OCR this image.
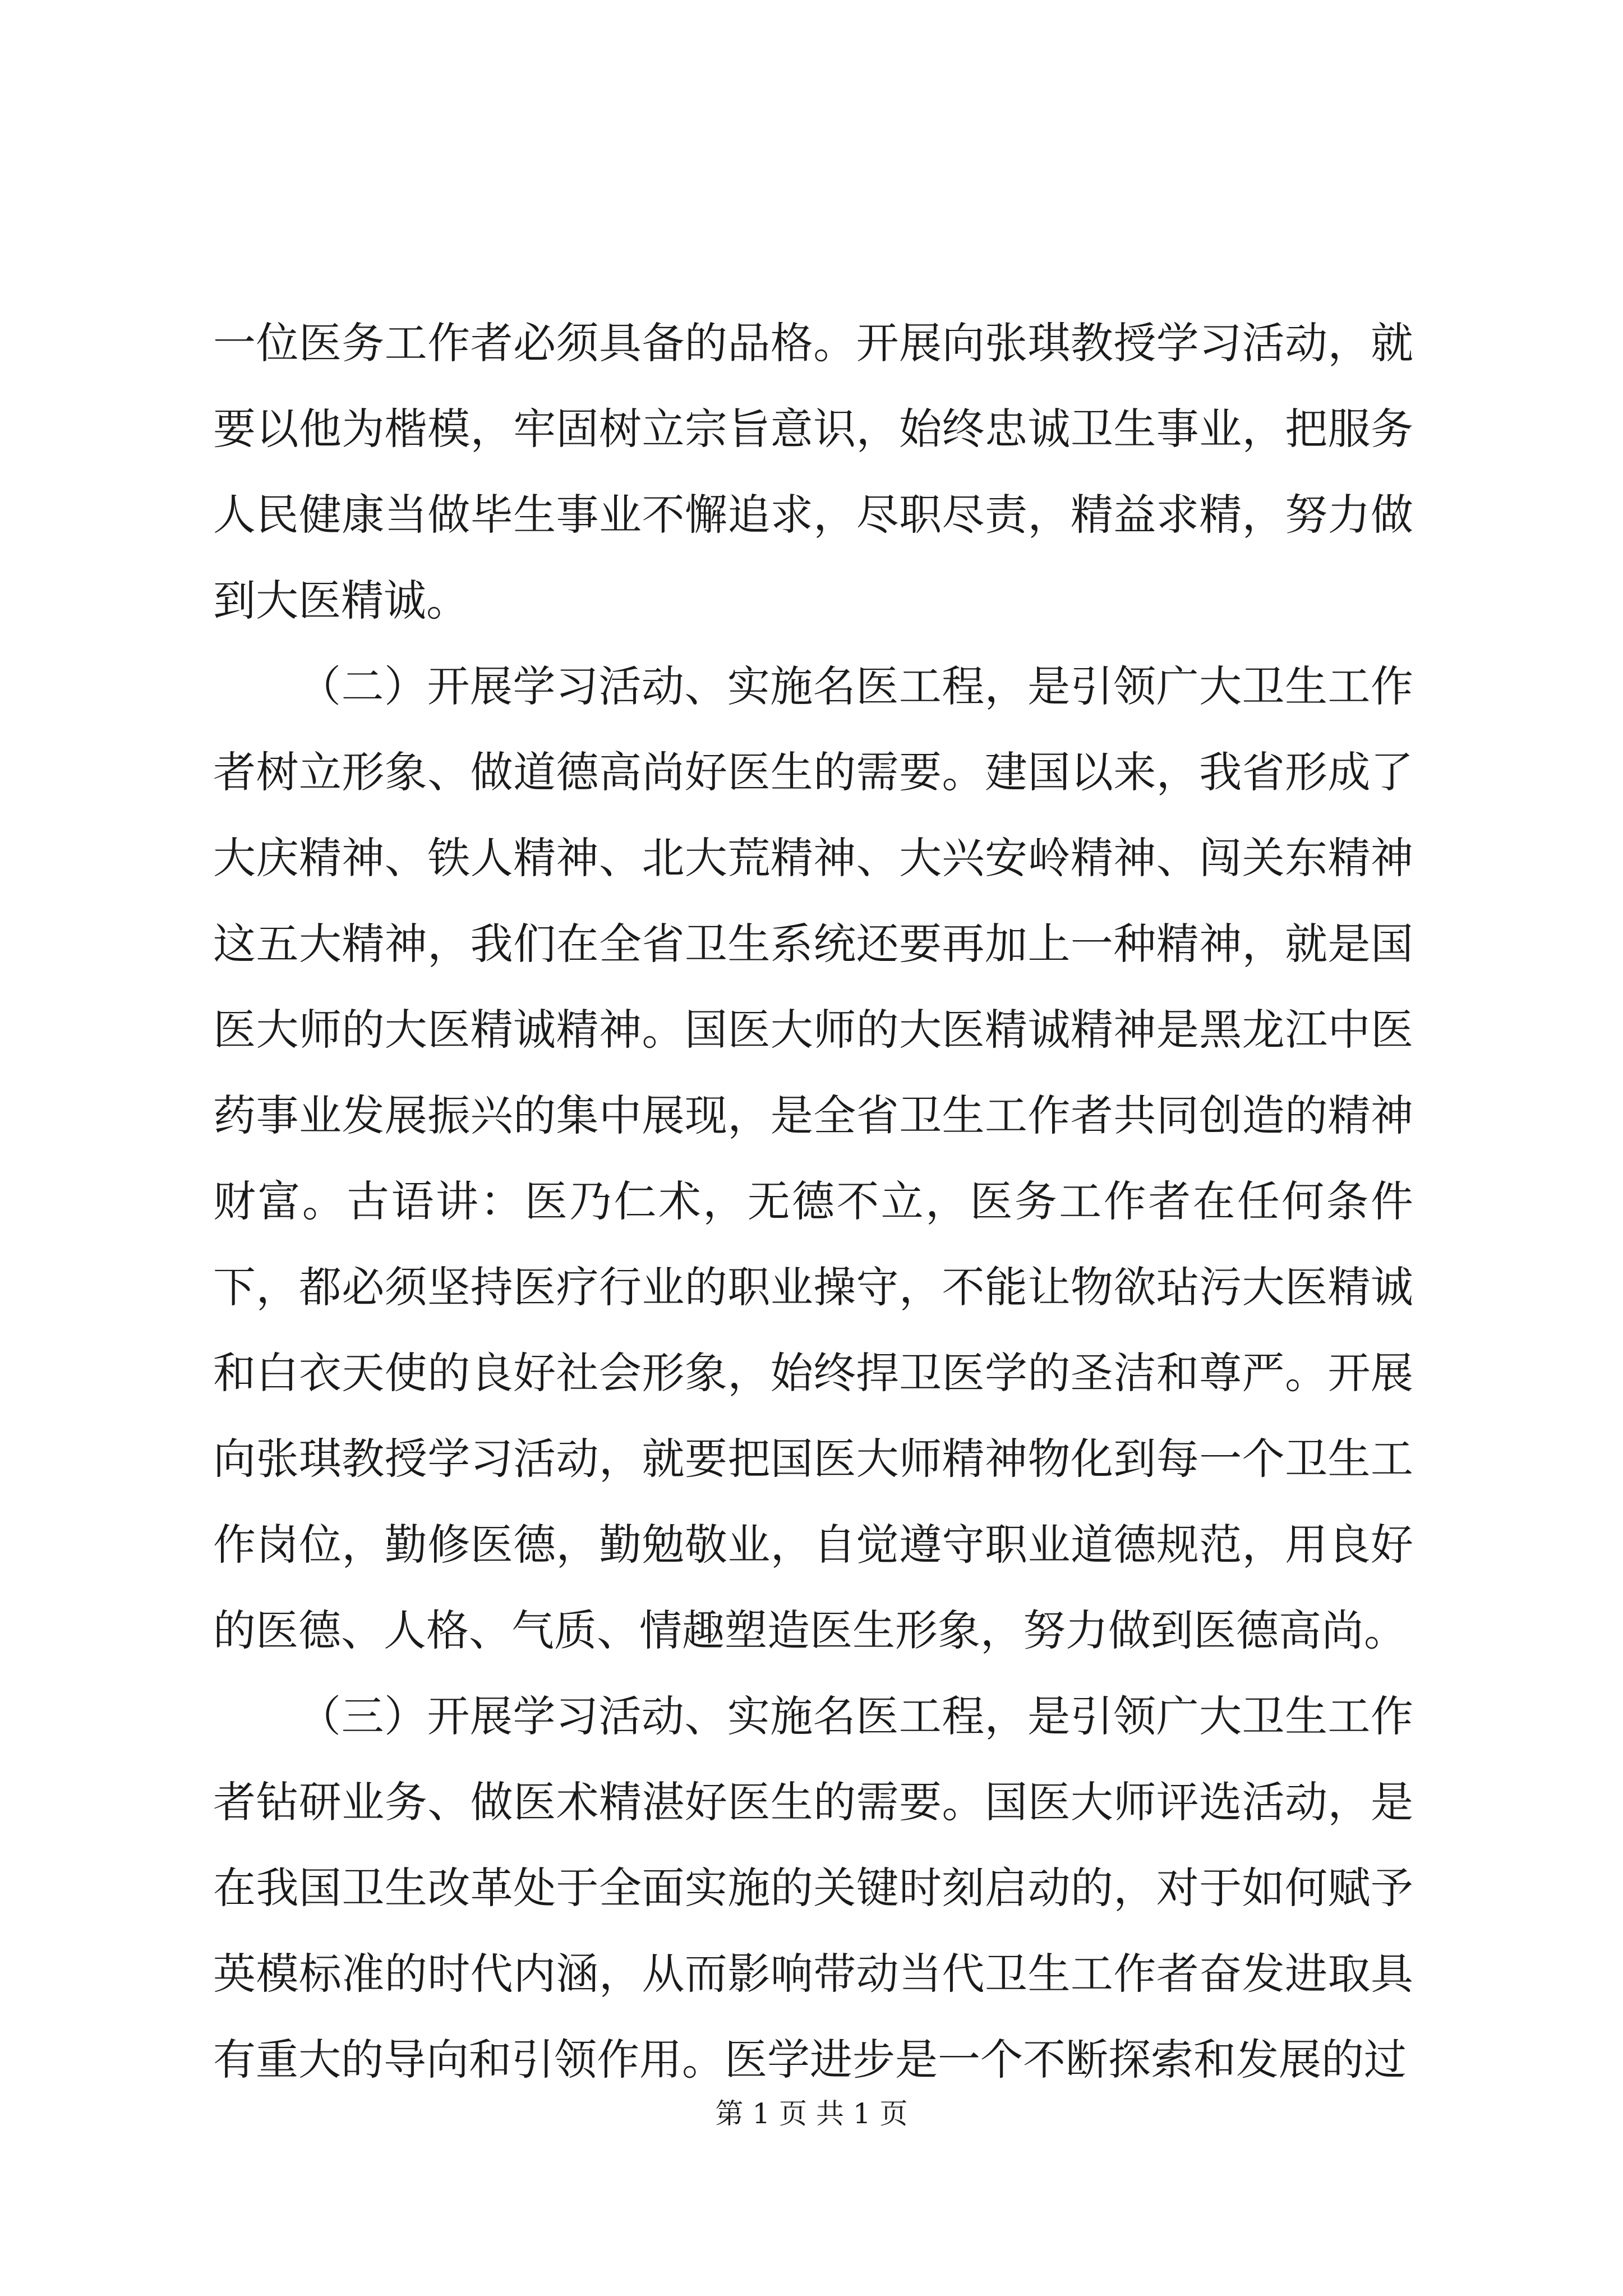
一位医务工作者必须具备的品格。开展向张琪教授学习活动，就要以他为楷模，牢固树立宗旨意识，始终忠诚卫生事业，把服务人民健康当做毕生事业不懈追求，尽职尽责，精益求精，努力做到大医精诚。

（二）开展学习活动、实施名医工程，是引领广大卫生工作者树立形象、做道德高尚好医生的需要。建国以来，我省形成了大庆精神、铁人精神、北大荒精神、大兴安岭精神、闯关东精神这五大精神，我们在全省卫生系统还要再加上一种精神，就是国医大师的大医精诚精神。国医大师的大医精诚精神是黑龙江中医药事业发展振兴的集中展现，是全省卫生工作者共同创造的精神财富。古语讲：医乃仁术，无德不立，医务工作者在任何条件下，都必须坚持医疗行业的职业操守，不能让物欲玷污大医精诚和白衣天使的良好社会形象，始终捍卫医学的圣洁和尊严。开展向张琪教授学习活动，就要把国医大师精神物化到每一个卫生工作岗位，勤修医德，勤勉敬业，自觉遵守职业道德规范，用良好的医德、人格、气质、情趣塑造医生形象，努力做到医德高尚。

（三）开展学习活动、实施名医工程，是引领广大卫生工作者钻研业务、做医术精湛好医生的需要。国医大师评选活动，是在我国卫生改革处于全面实施的关键时刻启动的，对于如何赋予英模标准的时代内涵，从而影响带动当代卫生工作者奋发进取具有重大的导向和引领作用。医学进步是一个不断探索和发展的过

第 1 页 共 1 页
